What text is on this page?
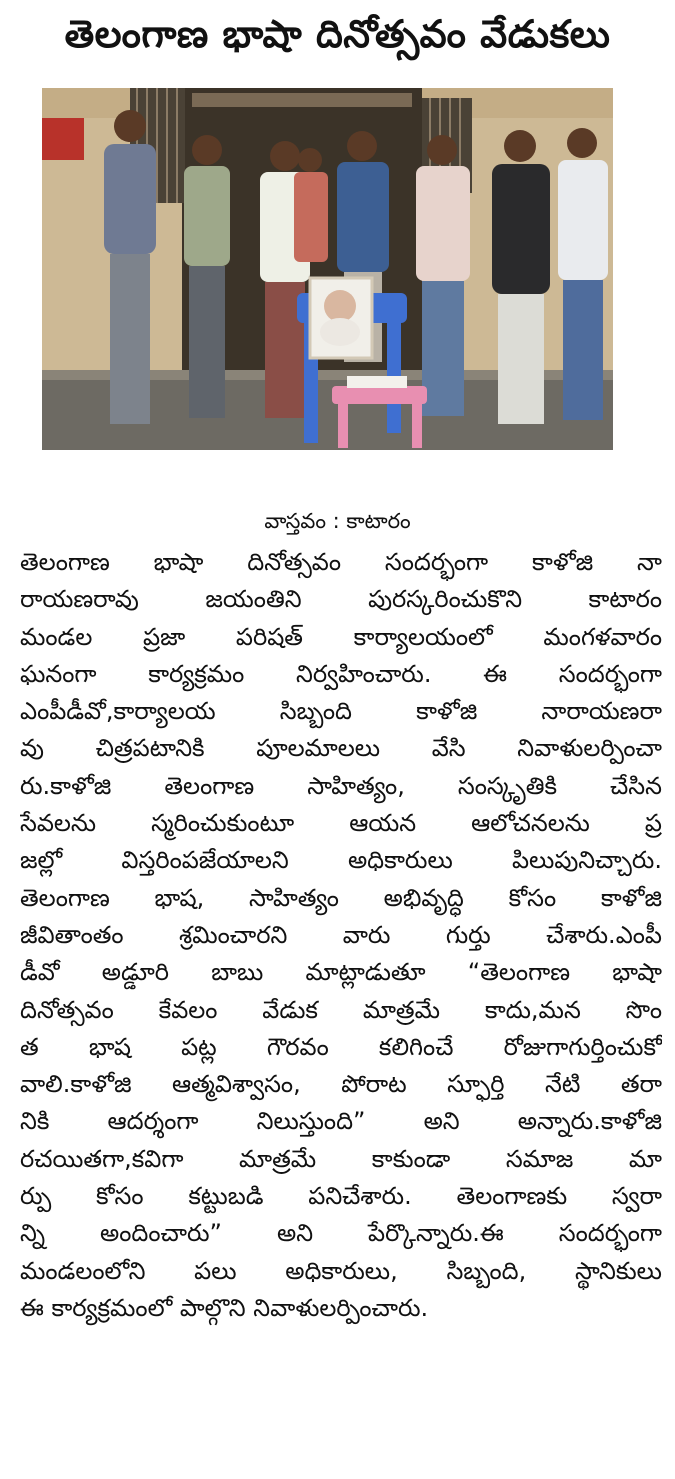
తెలంగాణ భాషా దినోత్సవం వేడుకలు
వాస్తవం : కాటారం
తెలంగాణ భాషా దినోత్సవం సందర్భంగా కాళోజి నా
రాయణరావు జయంతిని పురస్కరించుకొని కాటారం
మండల ప్రజా పరిషత్ కార్యాలయంలో మంగళవారం
ఘనంగా కార్యక్రమం నిర్వహించారు. ఈ సందర్భంగా
ఎంపీడీవో,కార్యాలయ సిబ్బంది కాళోజి నారాయణరా
వు చిత్రపటానికి పూలమాలలు వేసి నివాళులర్పించా
రు.కాళోజి తెలంగాణ సాహిత్యం, సంస్కృతికి చేసిన
సేవలను స్మరించుకుంటూ ఆయన ఆలోచనలను ప్ర
జల్లో విస్తరింపజేయాలని అధికారులు పిలుపునిచ్చారు.
తెలంగాణ భాష, సాహిత్యం అభివృద్ధి కోసం కాళోజి
జీవితాంతం శ్రమించారని వారు గుర్తు చేశారు.ఎంపీ
డీవో అడ్డూరి బాబు మాట్లాడుతూ “తెలంగాణ భాషా
దినోత్సవం కేవలం వేడుక మాత్రమే కాదు,మన సొం
త భాష పట్ల గౌరవం కలిగించే రోజుగాగుర్తించుకో
వాలి.కాళోజి ఆత్మవిశ్వాసం, పోరాట స్ఫూర్తి నేటి తరా
నికి ఆదర్శంగా నిలుస్తుంది” అని అన్నారు.కాళోజి
రచయితగా,కవిగా మాత్రమే కాకుండా సమాజ మా
ర్పు కోసం కట్టుబడి పనిచేశారు. తెలంగాణకు స్వరా
న్ని అందించారు” అని పేర్కొన్నారు.ఈ సందర్భంగా
మండలంలోని పలు అధికారులు, సిబ్బంది, స్థానికులు
ఈ కార్యక్రమంలో పాల్గొని నివాళులర్పించారు.
